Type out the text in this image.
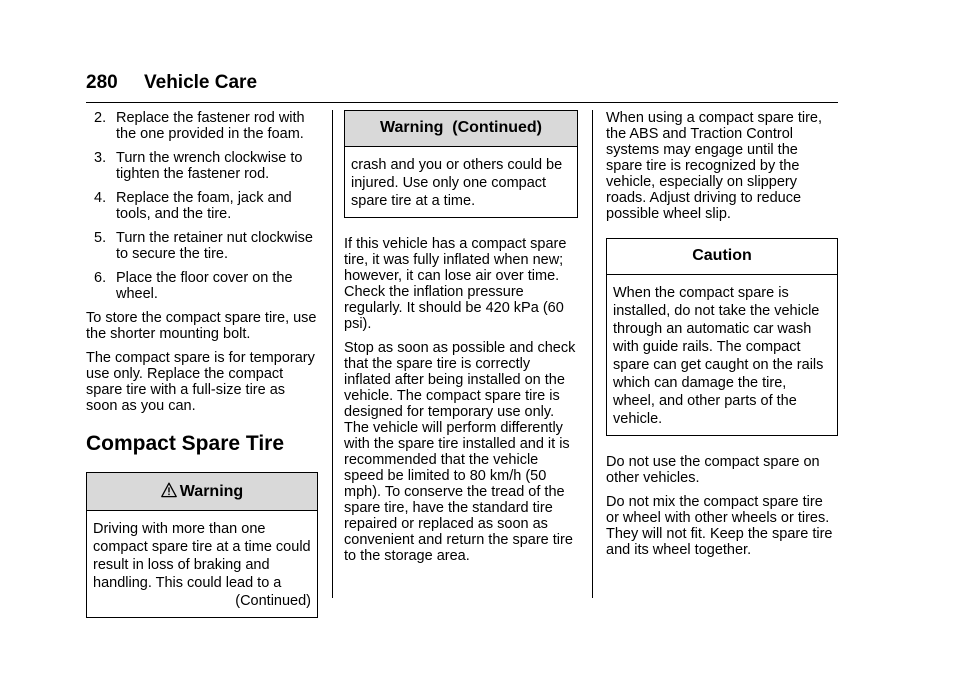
280 Vehicle Care
2. Replace the fastener rod with the one provided in the foam.
3. Turn the wrench clockwise to tighten the fastener rod.
4. Replace the foam, jack and tools, and the tire.
5. Turn the retainer nut clockwise to secure the tire.
6. Place the floor cover on the wheel.

To store the compact spare tire, use the shorter mounting bolt.

The compact spare is for temporary use only. Replace the compact spare tire with a full-size tire as soon as you can.

Compact Spare Tire
Warning
Driving with more than one compact spare tire at a time could result in loss of braking and handling. This could lead to a
(Continued)
Warning  (Continued)
crash and you or others could be injured. Use only one compact spare tire at a time.

If this vehicle has a compact spare tire, it was fully inflated when new; however, it can lose air over time. Check the inflation pressure regularly. It should be 420 kPa (60 psi).

Stop as soon as possible and check that the spare tire is correctly inflated after being installed on the vehicle. The compact spare tire is designed for temporary use only. The vehicle will perform differently with the spare tire installed and it is recommended that the vehicle speed be limited to 80 km/h (50 mph). To conserve the tread of the spare tire, have the standard tire repaired or replaced as soon as convenient and return the spare tire to the storage area.

When using a compact spare tire, the ABS and Traction Control systems may engage until the spare tire is recognized by the vehicle, especially on slippery roads. Adjust driving to reduce possible wheel slip.

Caution
When the compact spare is installed, do not take the vehicle through an automatic car wash with guide rails. The compact spare can get caught on the rails which can damage the tire, wheel, and other parts of the vehicle.

Do not use the compact spare on other vehicles.

Do not mix the compact spare tire or wheel with other wheels or tires. They will not fit. Keep the spare tire and its wheel together.
